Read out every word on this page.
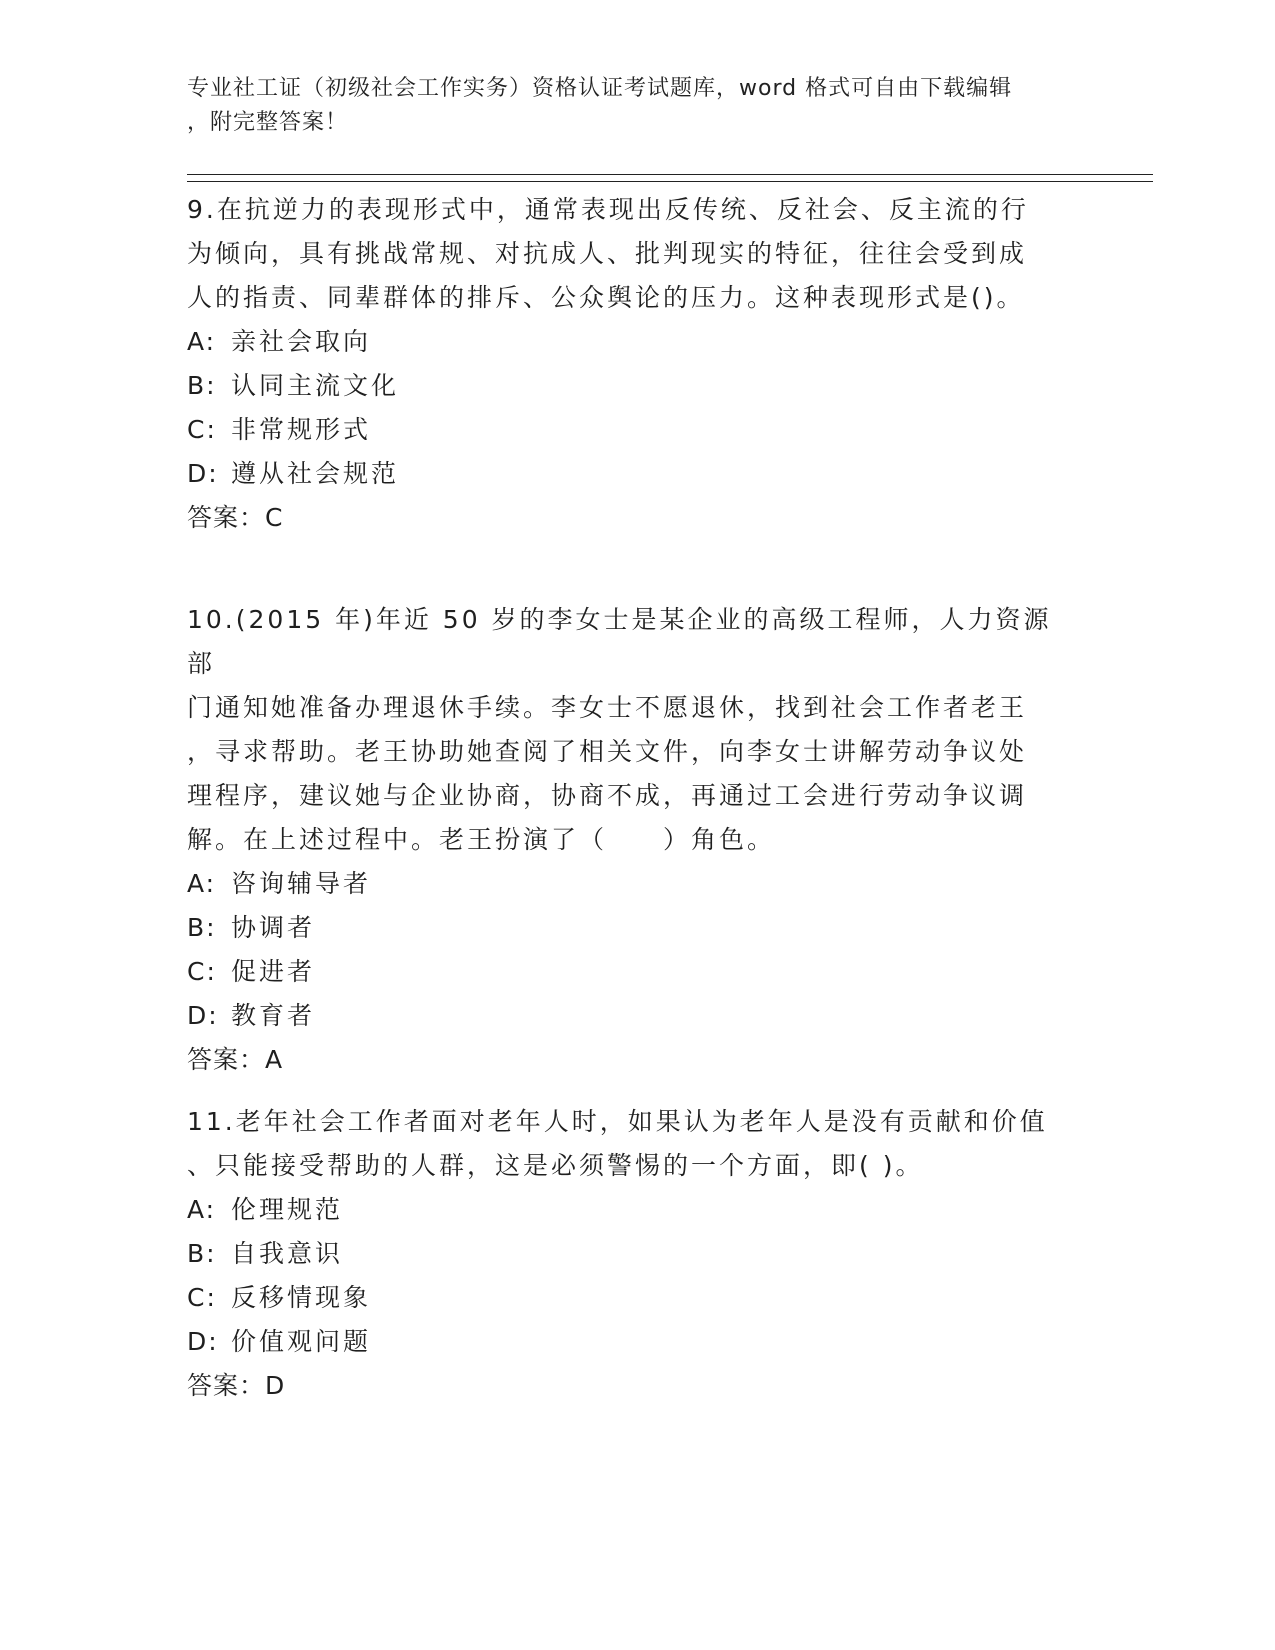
专业社工证（初级社会工作实务）资格认证考试题库，word 格式可自由下载编辑
，附完整答案！

9.在抗逆力的表现形式中，通常表现出反传统、反社会、反主流的行

为倾向，具有挑战常规、对抗成人、批判现实的特征，往往会受到成

人的指责、同辈群体的排斥、公众舆论的压力。这种表现形式是()。

A: 亲社会取向

B: 认同主流文化

C: 非常规形式

D: 遵从社会规范

答案：C

10.(2015 年)年近 50 岁的李女士是某企业的高级工程师，人力资源部

门通知她准备办理退休手续。李女士不愿退休，找到社会工作者老王

，寻求帮助。老王协助她查阅了相关文件，向李女士讲解劳动争议处

理程序，建议她与企业协商，协商不成，再通过工会进行劳动争议调

解。在上述过程中。老王扮演了（　　）角色。

A: 咨询辅导者

B: 协调者

C: 促进者

D: 教育者

答案：A

11.老年社会工作者面对老年人时，如果认为老年人是没有贡献和价值

、只能接受帮助的人群，这是必须警惕的一个方面，即( )。

A: 伦理规范

B: 自我意识

C: 反移情现象

D: 价值观问题

答案：D
